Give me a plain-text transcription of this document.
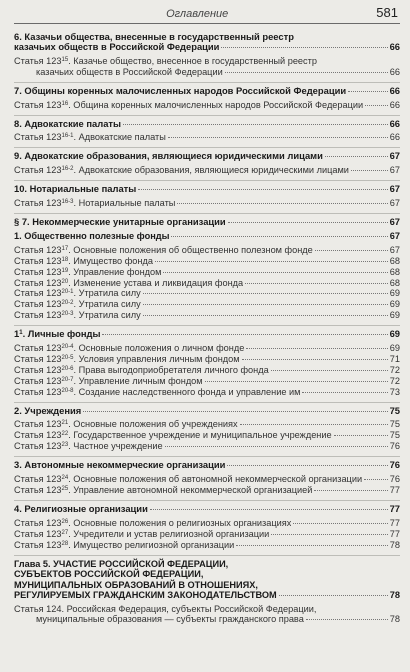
Оглавление	581
6. Казачьи общества, внесенные в государственный реестр
казачьих обществ в Российской Федерации	66
Статья $123^{15}$. Казачье общество, внесенное в государственный реестр
казачьих обществ в Российской Федерации	66
7. Общины коренных малочисленных народов Российской Федерации	66
Статья $123^{16}$. Община коренных малочисленных народов Российской Федерации	66
8. Адвокатские палаты	66
Статья 123$^{16-1}$. Адвокатские палаты	66
9. Адвокатские образования, являющиеся юридическими лицами	67
Статья 123$^{16-2}$. Адвокатские образования, являющиеся юридическими лицами	67
10. Нотариальные палаты	67
Статья 123$^{16-3}$. Нотариальные палаты	67
§ 7. Некоммерческие унитарные организации	67
1. Общественно полезные фонды	67
Статья $123^{17}$. Основные положения об общественно полезном фонде	67
Статья $123^{18}$. Имущество фонда	68
Статья $123^{19}$. Управление фондом	68
Статья $123^{20}$. Изменение устава и ликвидация фонда	68
Статья 123$^{20-1}$. Утратила силу	69
Статья 123$^{20-2}$. Утратила силу	69
Статья 123$^{20-3}$. Утратила силу	69
$1^1$. Личные фонды	69
Статья 123$^{20-4}$. Основные положения о личном фонде	69
Статья 123$^{20-5}$. Условия управления личным фондом	71
Статья 123$^{20-6}$. Права выгодоприобретателя личного фонда	72
Статья 123$^{20-7}$. Управление личным фондом	72
Статья 123$^{20-8}$. Создание наследственного фонда и управление им	73
2. Учреждения	75
Статья $123^{21}$. Основные положения об учреждениях	75
Статья $123^{22}$. Государственное учреждение и муниципальное учреждение	75
Статья $123^{23}$. Частное учреждение	76
3. Автономные некоммерческие организации	76
Статья $123^{24}$. Основные положения об автономной некоммерческой организации	76
Статья $123^{25}$. Управление автономной некоммерческой организацией	77
4. Религиозные организации	77
Статья $123^{26}$. Основные положения о религиозных организациях	77
Статья $123^{27}$. Учредители и устав религиозной организации	77
Статья $123^{28}$. Имущество религиозной организации	78
Глава 5. УЧАСТИЕ РОССИЙСКОЙ ФЕДЕРАЦИИ,
СУБЪЕКТОВ РОССИЙСКОЙ ФЕДЕРАЦИИ,
МУНИЦИПАЛЬНЫХ ОБРАЗОВАНИЙ В ОТНОШЕНИЯХ,
РЕГУЛИРУЕМЫХ ГРАЖДАНСКИМ ЗАКОНОДАТЕЛЬСТВОМ	78
Статья 124. Российская Федерация, субъекты Российской Федерации,
муниципальные образования — субъекты гражданского права	78
